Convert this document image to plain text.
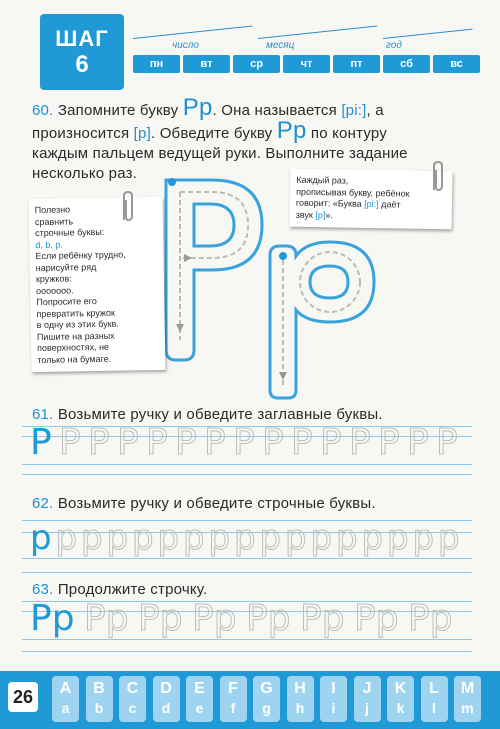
ШАГ
6
число	месяц	год
пн	вт	ср	чт	пт	сб	вс
60. Запомните букву Pp. Она называется [pi:], а
произносится [p]. Обведите букву Pp по контуру
каждым пальцем ведущей руки. Выполните задание
несколько раз.
Полезно
сравнить
строчные буквы:
d, b, p.
Если ребёнку трудно,
нарисуйте ряд
кружков:
ооооооо.
Попросите его
превратить кружок
в одну из этих букв.
Пишите на разных
поверхностях, не
только на бумаге.
Каждый раз,
прописывая букву, ребёнок
говорит: «Буква [pi:] даёт
звук [p]».
61. Возьмите ручку и обведите заглавные буквы.
P P P P P P P P P P P P P P P
62. Возьмите ручку и обведите строчные буквы.
p p p p p p p p p p p p p p p p p
63. Продолжите строчку.
Pp Pp Pp Pp Pp Pp Pp Pp
26	A
a
B
b
C
c
D
d
E
e
F
f
G
g
H
h
I
i
J
j
K
k
L
l
M
m
